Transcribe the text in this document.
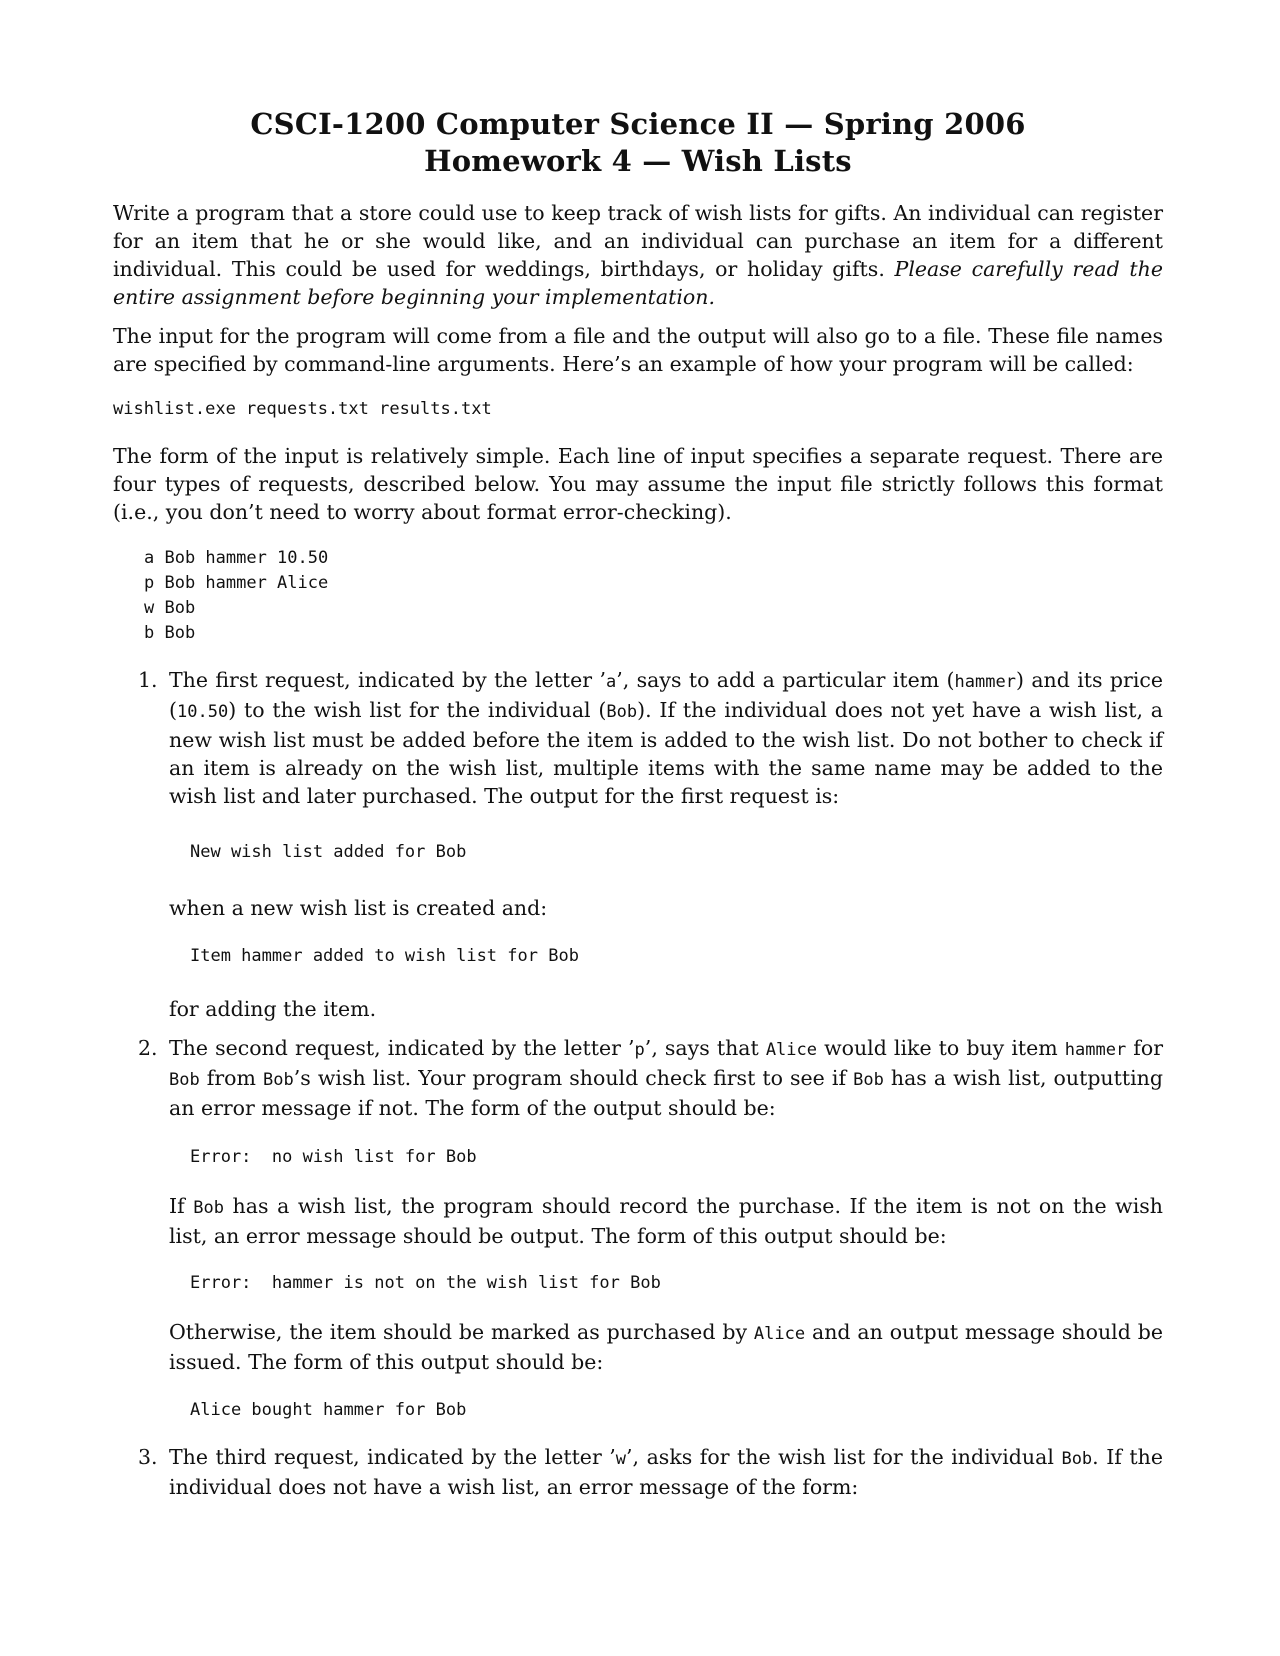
CSCI-1200 Computer Science II — Spring 2006
Homework 4 — Wish Lists

Write a program that a store could use to keep track of wish lists for gifts. An individual can register for an item that he or she would like, and an individual can purchase an item for a different individual. This could be used for weddings, birthdays, or holiday gifts. Please carefully read the entire assignment before beginning your implementation.

The input for the program will come from a file and the output will also go to a file. These file names are specified by command-line arguments. Here’s an example of how your program will be called:

wishlist.exe requests.txt results.txt

The form of the input is relatively simple. Each line of input specifies a separate request. There are four types of requests, described below. You may assume the input file strictly follows this format (i.e., you don’t need to worry about format error-checking).

a Bob hammer 10.50
p Bob hammer Alice
w Bob
b Bob
1. The first request, indicated by the letter ’a’, says to add a particular item (hammer) and its price (10.50) to the wish list for the individual (Bob). If the individual does not yet have a wish list, a new wish list must be added before the item is added to the wish list. Do not bother to check if an item is already on the wish list, multiple items with the same name may be added to the wish list and later purchased. The output for the first request is:

New wish list added for Bob

when a new wish list is created and:

Item hammer added to wish list for Bob

for adding the item.

2. The second request, indicated by the letter ’p’, says that Alice would like to buy item hammer for Bob from Bob’s wish list. Your program should check first to see if Bob has a wish list, outputting an error message if not. The form of the output should be:

Error:  no wish list for Bob

If Bob has a wish list, the program should record the purchase. If the item is not on the wish list, an error message should be output. The form of this output should be:

Error:  hammer is not on the wish list for Bob

Otherwise, the item should be marked as purchased by Alice and an output message should be issued. The form of this output should be:

Alice bought hammer for Bob
3. The third request, indicated by the letter ’w’, asks for the wish list for the individual Bob. If the individual does not have a wish list, an error message of the form:
